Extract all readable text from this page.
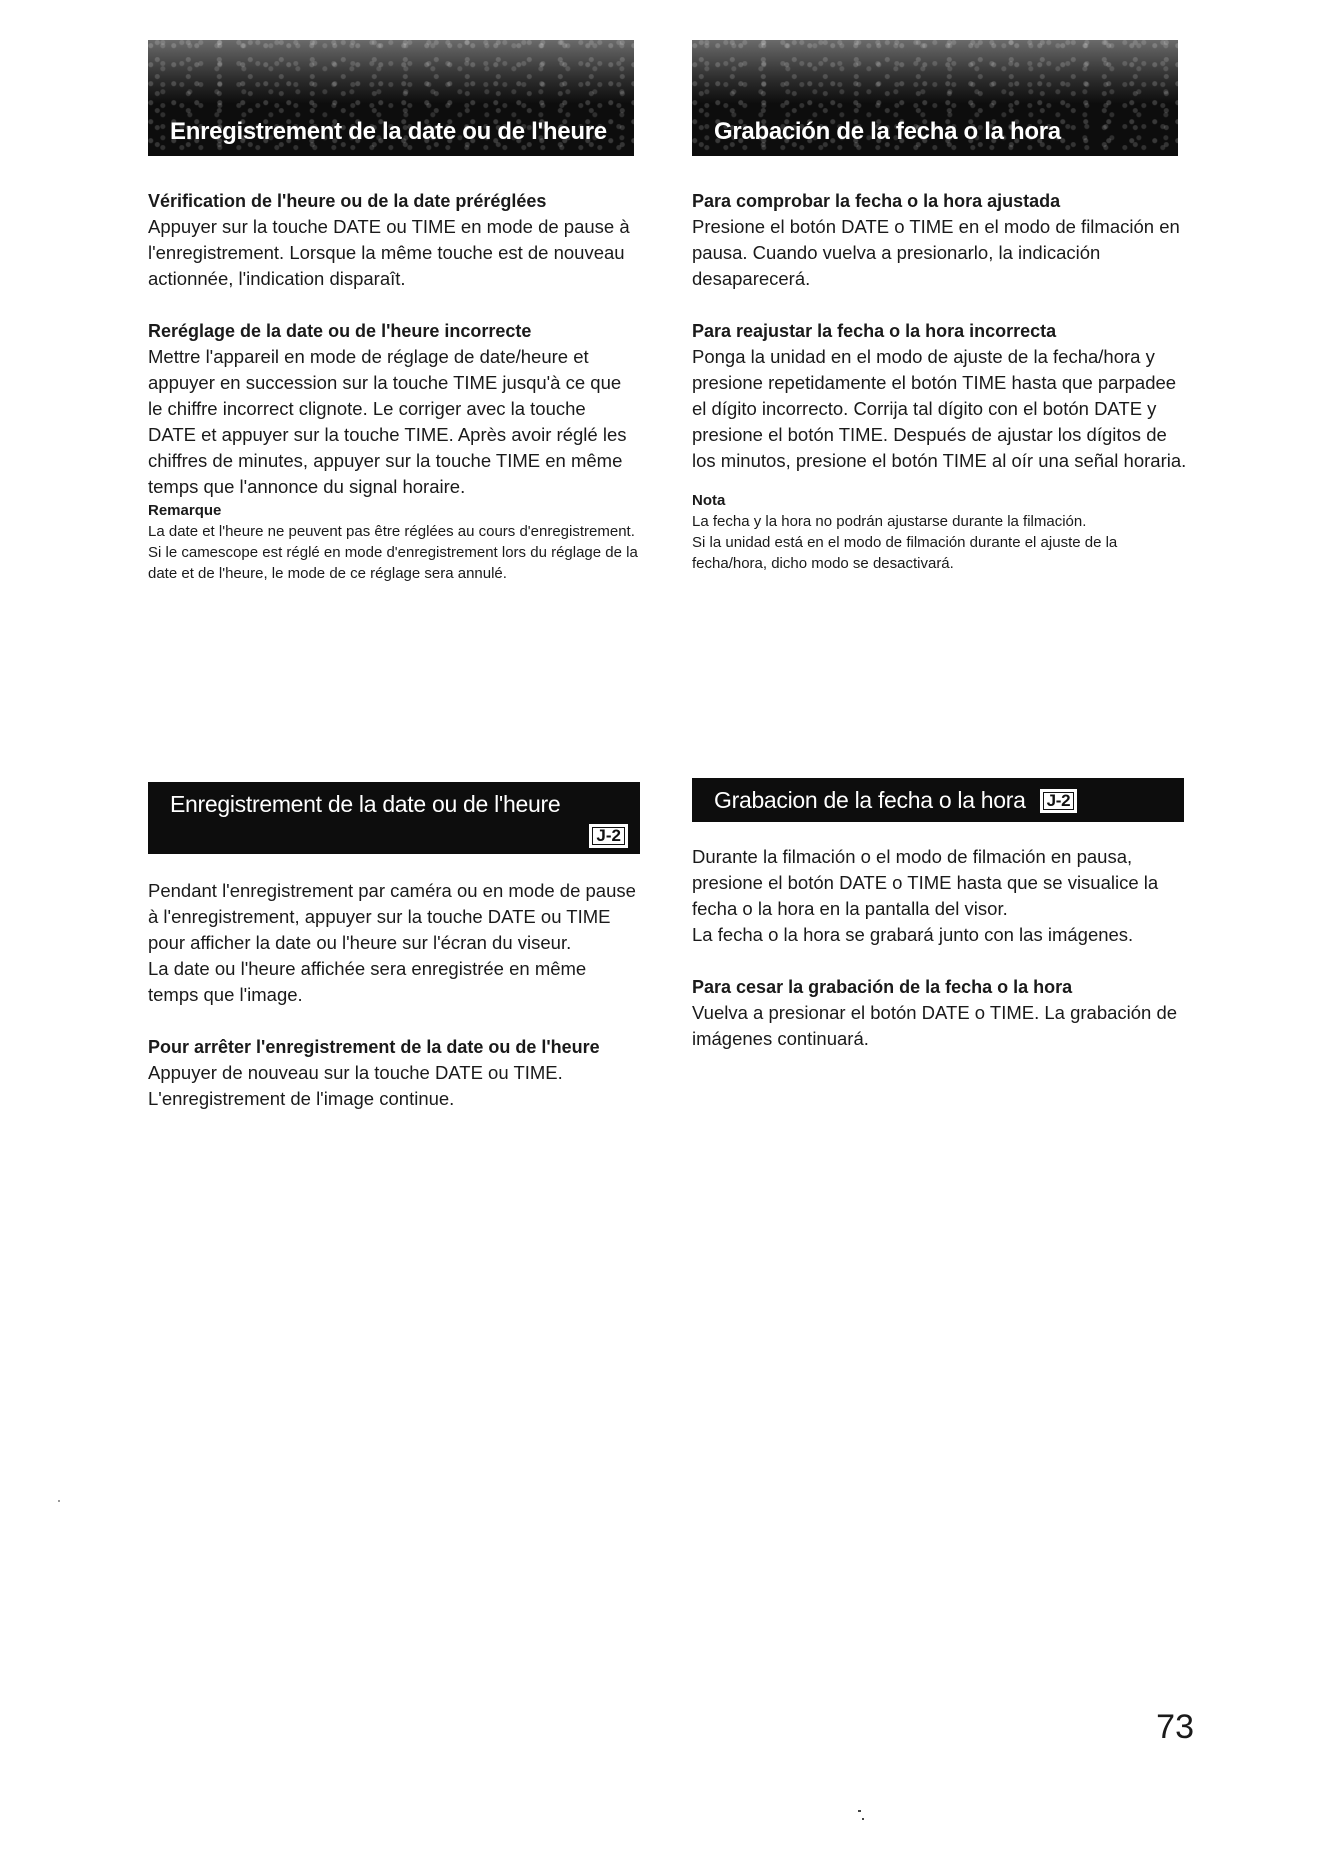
Enregistrement de la date ou de l'heure

Vérification de l'heure ou de la date préréglées

Appuyer sur la touche DATE ou TIME en mode de pause à l'enregistrement. Lorsque la même touche est de nouveau actionnée, l'indication disparaît.

Reréglage de la date ou de l'heure incorrecte

Mettre l'appareil en mode de réglage de date/heure et appuyer en succession sur la touche TIME jusqu'à ce que le chiffre incorrect clignote. Le corriger avec la touche DATE et appuyer sur la touche TIME. Après avoir réglé les chiffres de minutes, appuyer sur la touche TIME en même temps que l'annonce du signal horaire.

Remarque

La date et l'heure ne peuvent pas être réglées au cours d'enregistrement.

Si le camescope est réglé en mode d'enregistrement lors du réglage de la date et de l'heure, le mode de ce réglage sera annulé.

Grabación de la fecha o la hora

Para comprobar la fecha o la hora ajustada

Presione el botón DATE o TIME en el modo de filmación en pausa. Cuando vuelva a presionarlo, la indicación desaparecerá.

Para reajustar la fecha o la hora incorrecta

Ponga la unidad en el modo de ajuste de la fecha/hora y presione repetidamente el botón TIME hasta que parpadee el dígito incorrecto. Corrija tal dígito con el botón DATE y presione el botón TIME. Después de ajustar los dígitos de los minutos, presione el botón TIME al oír una señal horaria.

Nota

La fecha y la hora no podrán ajustarse durante la filmación.

Si la unidad está en el modo de filmación durante el ajuste de la fecha/hora, dicho modo se desactivará.

Enregistrement de la date ou de l'heure
J-2

Pendant l'enregistrement par caméra ou en mode de pause à l'enregistrement, appuyer sur la touche DATE ou TIME pour afficher la date ou l'heure sur l'écran du viseur.

La date ou l'heure affichée sera enregistrée en même temps que l'image.

Pour arrêter l'enregistrement de la date ou de l'heure

Appuyer de nouveau sur la touche DATE ou TIME. L'enregistrement de l'image continue.

Grabacion de la fecha o la hora J-2

Durante la filmación o el modo de filmación en pausa, presione el botón DATE o TIME hasta que se visualice la fecha o la hora en la pantalla del visor.

La fecha o la hora se grabará junto con las imágenes.

Para cesar la grabación de la fecha o la hora

Vuelva a presionar el botón DATE o TIME. La grabación de imágenes continuará.

73
